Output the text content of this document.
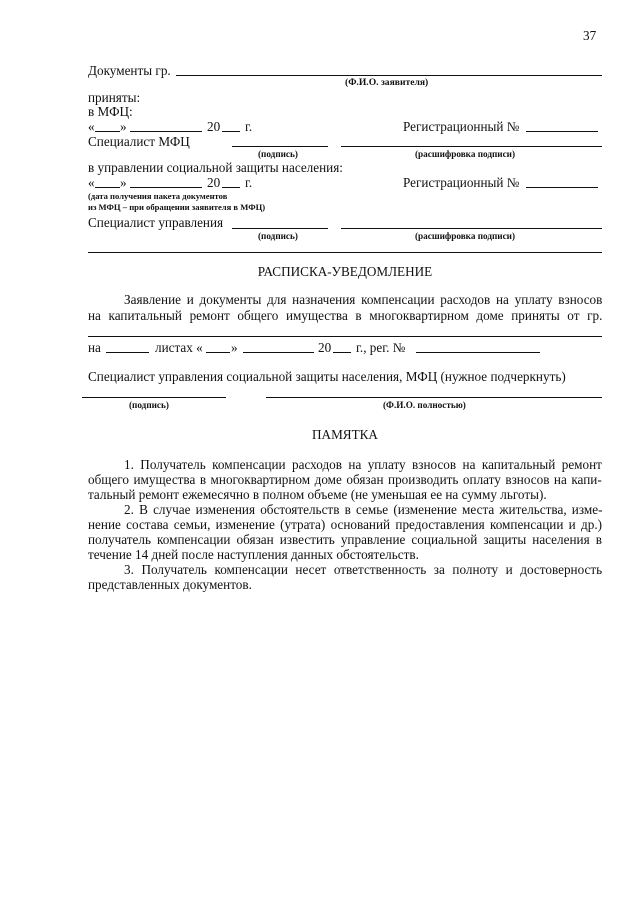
37
Документы гр.
(Ф.И.О. заявителя)
приняты:
в МФЦ:
« »	20 г.	Регистрационный №
Специалист МФЦ
(подпись)	(расшифровка подписи)
в управлении социальной защиты населения:
« »	20 г.	Регистрационный №
(дата получения пакета документов
из МФЦ – при обращении заявителя в МФЦ)
Специалист управления
(подпись)	(расшифровка подписи)
РАСПИСКА-УВЕДОМЛЕНИЕ
Заявление и документы для назначения компенсации расходов на уплату взносов
на капитальный ремонт общего имущества в многоквартирном доме приняты от гр.
на	листах « »	20 г., рег. №
Специалист управления социальной защиты населения, МФЦ (нужное подчеркнуть)
(подпись)	(Ф.И.О. полностью)
ПАМЯТКА
1. Получатель компенсации расходов на уплату взносов на капитальный ремонт
общего имущества в многоквартирном доме обязан производить оплату взносов на капи-
тальный ремонт ежемесячно в полном объеме (не уменьшая ее на сумму льготы).
2. В случае изменения обстоятельств в семье (изменение места жительства, изме-
нение состава семьи, изменение (утрата) оснований предоставления компенсации и др.)
получатель компенсации обязан известить управление социальной защиты населения в
течение 14 дней после наступления данных обстоятельств.
3. Получатель компенсации несет ответственность за полноту и достоверность
представленных документов.
